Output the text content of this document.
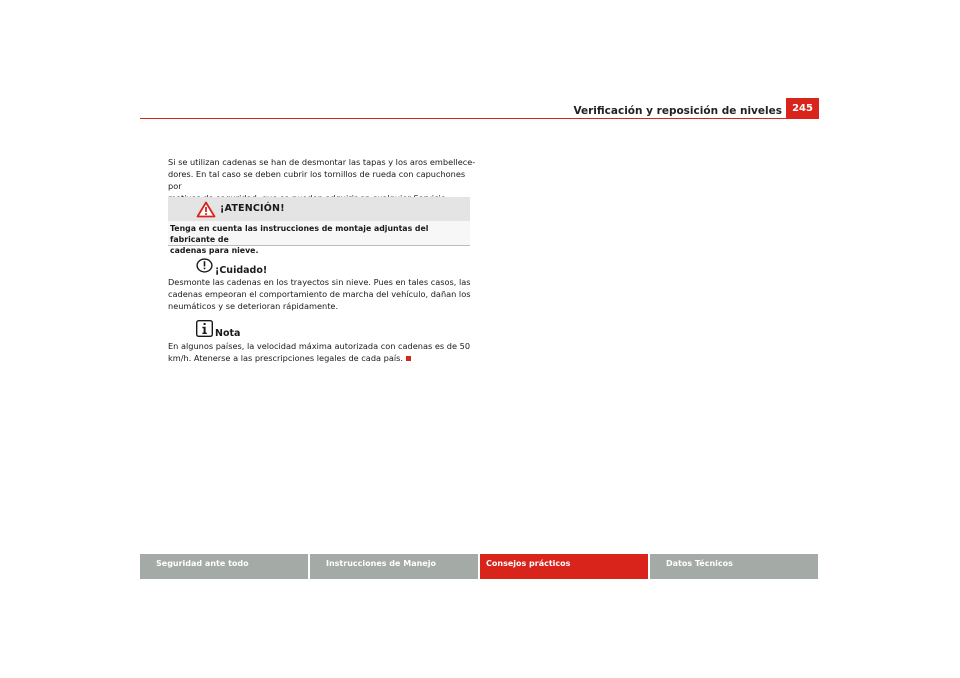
Verificación y reposición de niveles	245
Si se utilizan cadenas se han de desmontar las tapas y los aros embellece-
dores. En tal caso se deben cubrir los tornillos de rueda con capuchones por
¡ATENCIÓN!
Tenga en cuenta las instrucciones de montaje adjuntas del fabricante de
cadenas para nieve.
¡Cuidado!
Desmonte las cadenas en los trayectos sin nieve. Pues en tales casos, las
cadenas empeoran el comportamiento de marcha del vehículo, dañan los
neumáticos y se deterioran rápidamente.
Nota
En algunos países, la velocidad máxima autorizada con cadenas es de 50
km/h. Atenerse a las prescripciones legales de cada país.
Seguridad ante todo	Instrucciones de Manejo	Consejos prácticos	Datos Técnicos
